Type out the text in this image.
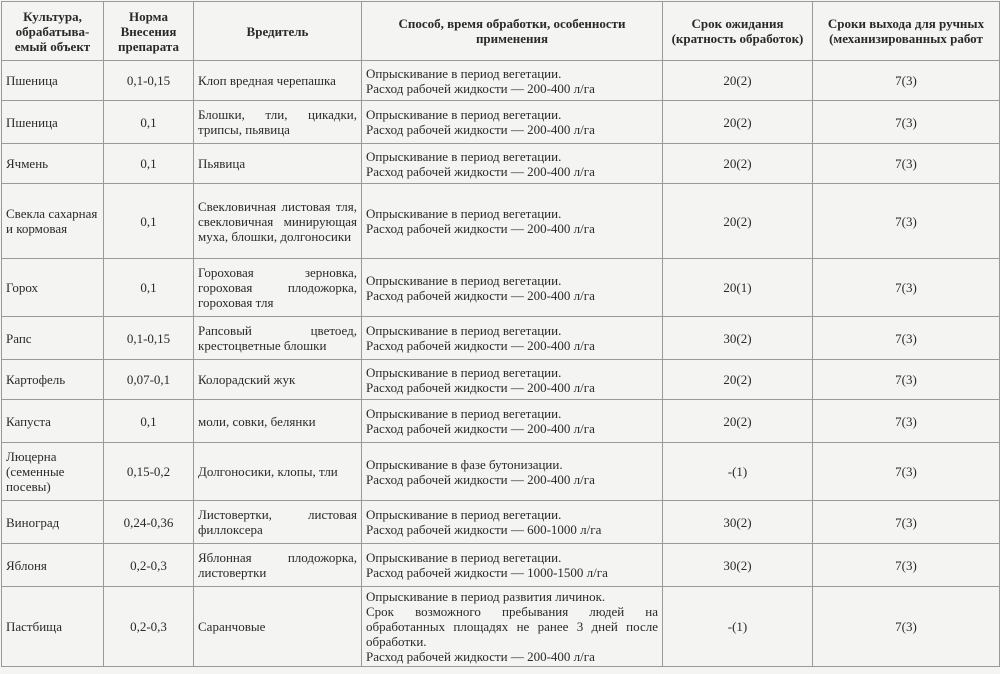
Культура, обрабатыва-емый объект	Норма Внесения препарата	Вредитель	Способ, время обработки, особенности применения	Срок ожидания (кратность обработок)	Сроки выхода для ручных (механизированных работ
Пшеница	0,1-0,15	Клоп вредная черепашка	Опрыскивание в период вегетации.
Расход рабочей жидкости — 200-400 л/га	20(2)	7(3)
Пшеница	0,1	Блошки, тли, цикадки, трипсы, пьявица	Опрыскивание в период вегетации.
Расход рабочей жидкости — 200-400 л/га	20(2)	7(3)
Ячмень	0,1	Пьявица	Опрыскивание в период вегетации.
Расход рабочей жидкости — 200-400 л/га	20(2)	7(3)
Свекла сахарная и кормовая	0,1	Свекловичная листовая тля, свекловичная минирующая муха, блошки, долгоносики	Опрыскивание в период вегетации.
Расход рабочей жидкости — 200-400 л/га	20(2)	7(3)
Горох	0,1	Гороховая зерновка, гороховая плодожорка, гороховая тля	Опрыскивание в период вегетации.
Расход рабочей жидкости — 200-400 л/га	20(1)	7(3)
Рапс	0,1-0,15	Рапсовый цветоед, крестоцветные блошки	Опрыскивание в период вегетации.
Расход рабочей жидкости — 200-400 л/га	30(2)	7(3)
Картофель	0,07-0,1	Колорадский жук	Опрыскивание в период вегетации.
Расход рабочей жидкости — 200-400 л/га	20(2)	7(3)
Капуста	0,1	моли, совки, белянки	Опрыскивание в период вегетации.
Расход рабочей жидкости — 200-400 л/га	20(2)	7(3)
Люцерна (семенные посевы)	0,15-0,2	Долгоносики, клопы, тли	Опрыскивание в фазе бутонизации.
Расход рабочей жидкости — 200-400 л/га	-(1)	7(3)
Виноград	0,24-0,36	Листовертки, листовая филлоксера	Опрыскивание в период вегетации.
Расход рабочей жидкости — 600-1000 л/га	30(2)	7(3)
Яблоня	0,2-0,3	Яблонная плодожорка, листовертки	Опрыскивание в период вегетации.
Расход рабочей жидкости — 1000-1500 л/га	30(2)	7(3)
Пастбища	0,2-0,3	Саранчовые	Опрыскивание в период развития личинок.
Срок возможного пребывания людей на обработанных площадях не ранее 3 дней после обработки.
Расход рабочей жидкости — 200-400 л/га	-(1)	7(3)
